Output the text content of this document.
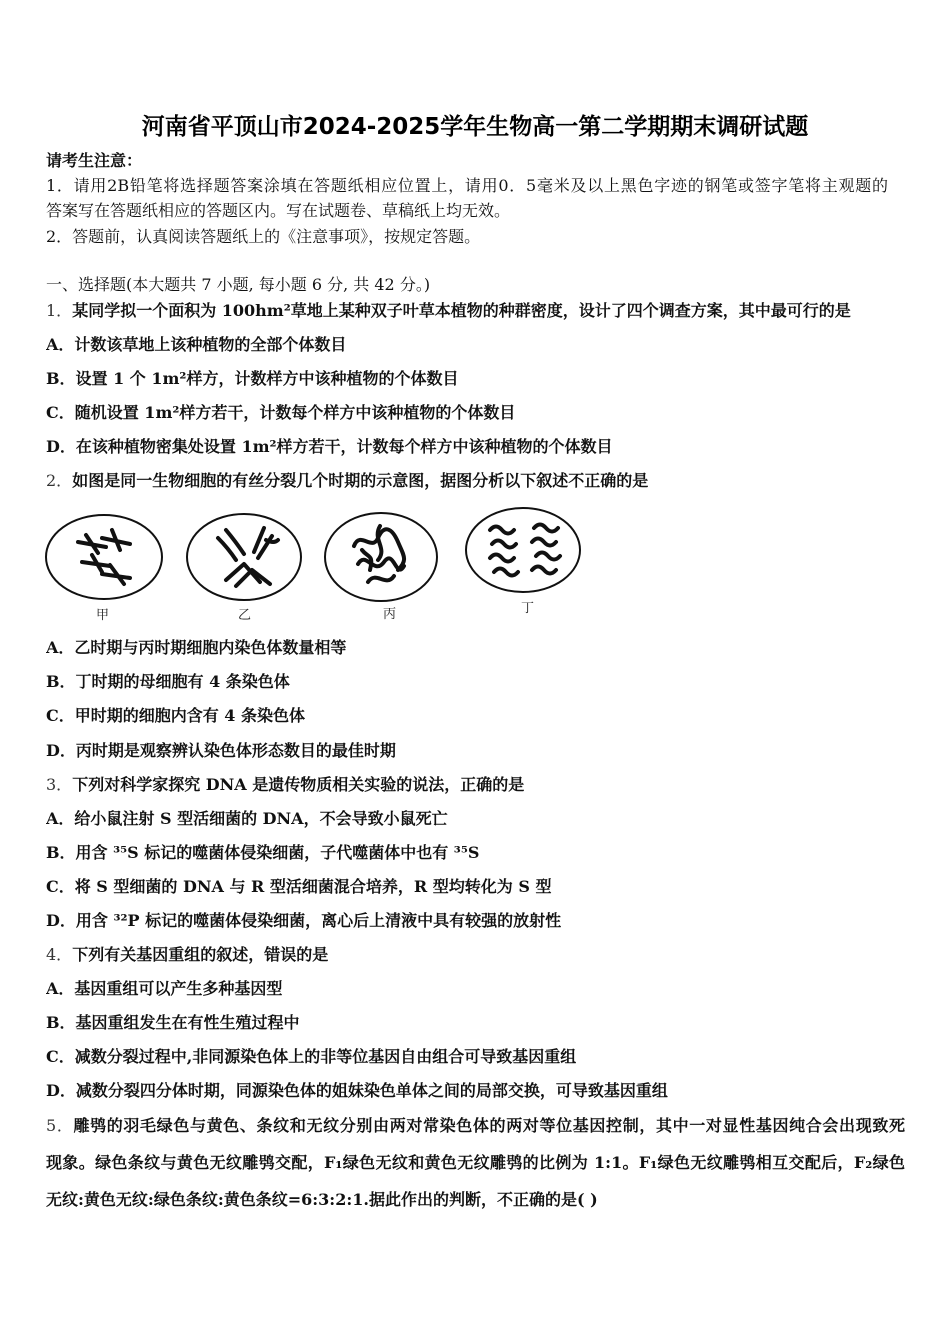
河南省平顶山市2024-2025学年生物高一第二学期期末调研试题
请考生注意：
1．请用2B铅笔将选择题答案涂填在答题纸相应位置上，请用0．5毫米及以上黑色字迹的钢笔或签字笔将主观题的
答案写在答题纸相应的答题区内。写在试题卷、草稿纸上均无效。
2．答题前，认真阅读答题纸上的《注意事项》，按规定答题。
一、选择题(本大题共 7 小题, 每小题 6 分, 共 42 分。)
1．某同学拟一个面积为 100hm²草地上某种双子叶草本植物的种群密度，设计了四个调查方案，其中最可行的是
A．计数该草地上该种植物的全部个体数目
B．设置 1 个 1m²样方，计数样方中该种植物的个体数目
C．随机设置 1m²样方若干，计数每个样方中该种植物的个体数目
D．在该种植物密集处设置 1m²样方若干，计数每个样方中该种植物的个体数目
2．如图是同一生物细胞的有丝分裂几个时期的示意图，据图分析以下叙述不正确的是
甲	乙	丙	丁
A．乙时期与丙时期细胞内染色体数量相等
B．丁时期的母细胞有 4 条染色体
C．甲时期的细胞内含有 4 条染色体
D．丙时期是观察辨认染色体形态数目的最佳时期
3．下列对科学家探究 DNA 是遗传物质相关实验的说法，正确的是
A．给小鼠注射 S 型活细菌的 DNA，不会导致小鼠死亡
B．用含 ³⁵S 标记的噬菌体侵染细菌，子代噬菌体中也有 ³⁵S
C．将 S 型细菌的 DNA 与 R 型活细菌混合培养，R 型均转化为 S 型
D．用含 ³²P 标记的噬菌体侵染细菌，离心后上清液中具有较强的放射性
4．下列有关基因重组的叙述，错误的是
A．基因重组可以产生多种基因型
B．基因重组发生在有性生殖过程中
C．减数分裂过程中,非同源染色体上的非等位基因自由组合可导致基因重组
D．减数分裂四分体时期，同源染色体的姐妹染色单体之间的局部交换，可导致基因重组
5．雕鸮的羽毛绿色与黄色、条纹和无纹分别由两对常染色体的两对等位基因控制，其中一对显性基因纯合会出现致死
现象。绿色条纹与黄色无纹雕鸮交配，F₁绿色无纹和黄色无纹雕鸮的比例为 1:1。F₁绿色无纹雕鸮相互交配后，F₂绿色
无纹:黄色无纹:绿色条纹:黄色条纹=6:3:2:1.据此作出的判断，不正确的是( )
